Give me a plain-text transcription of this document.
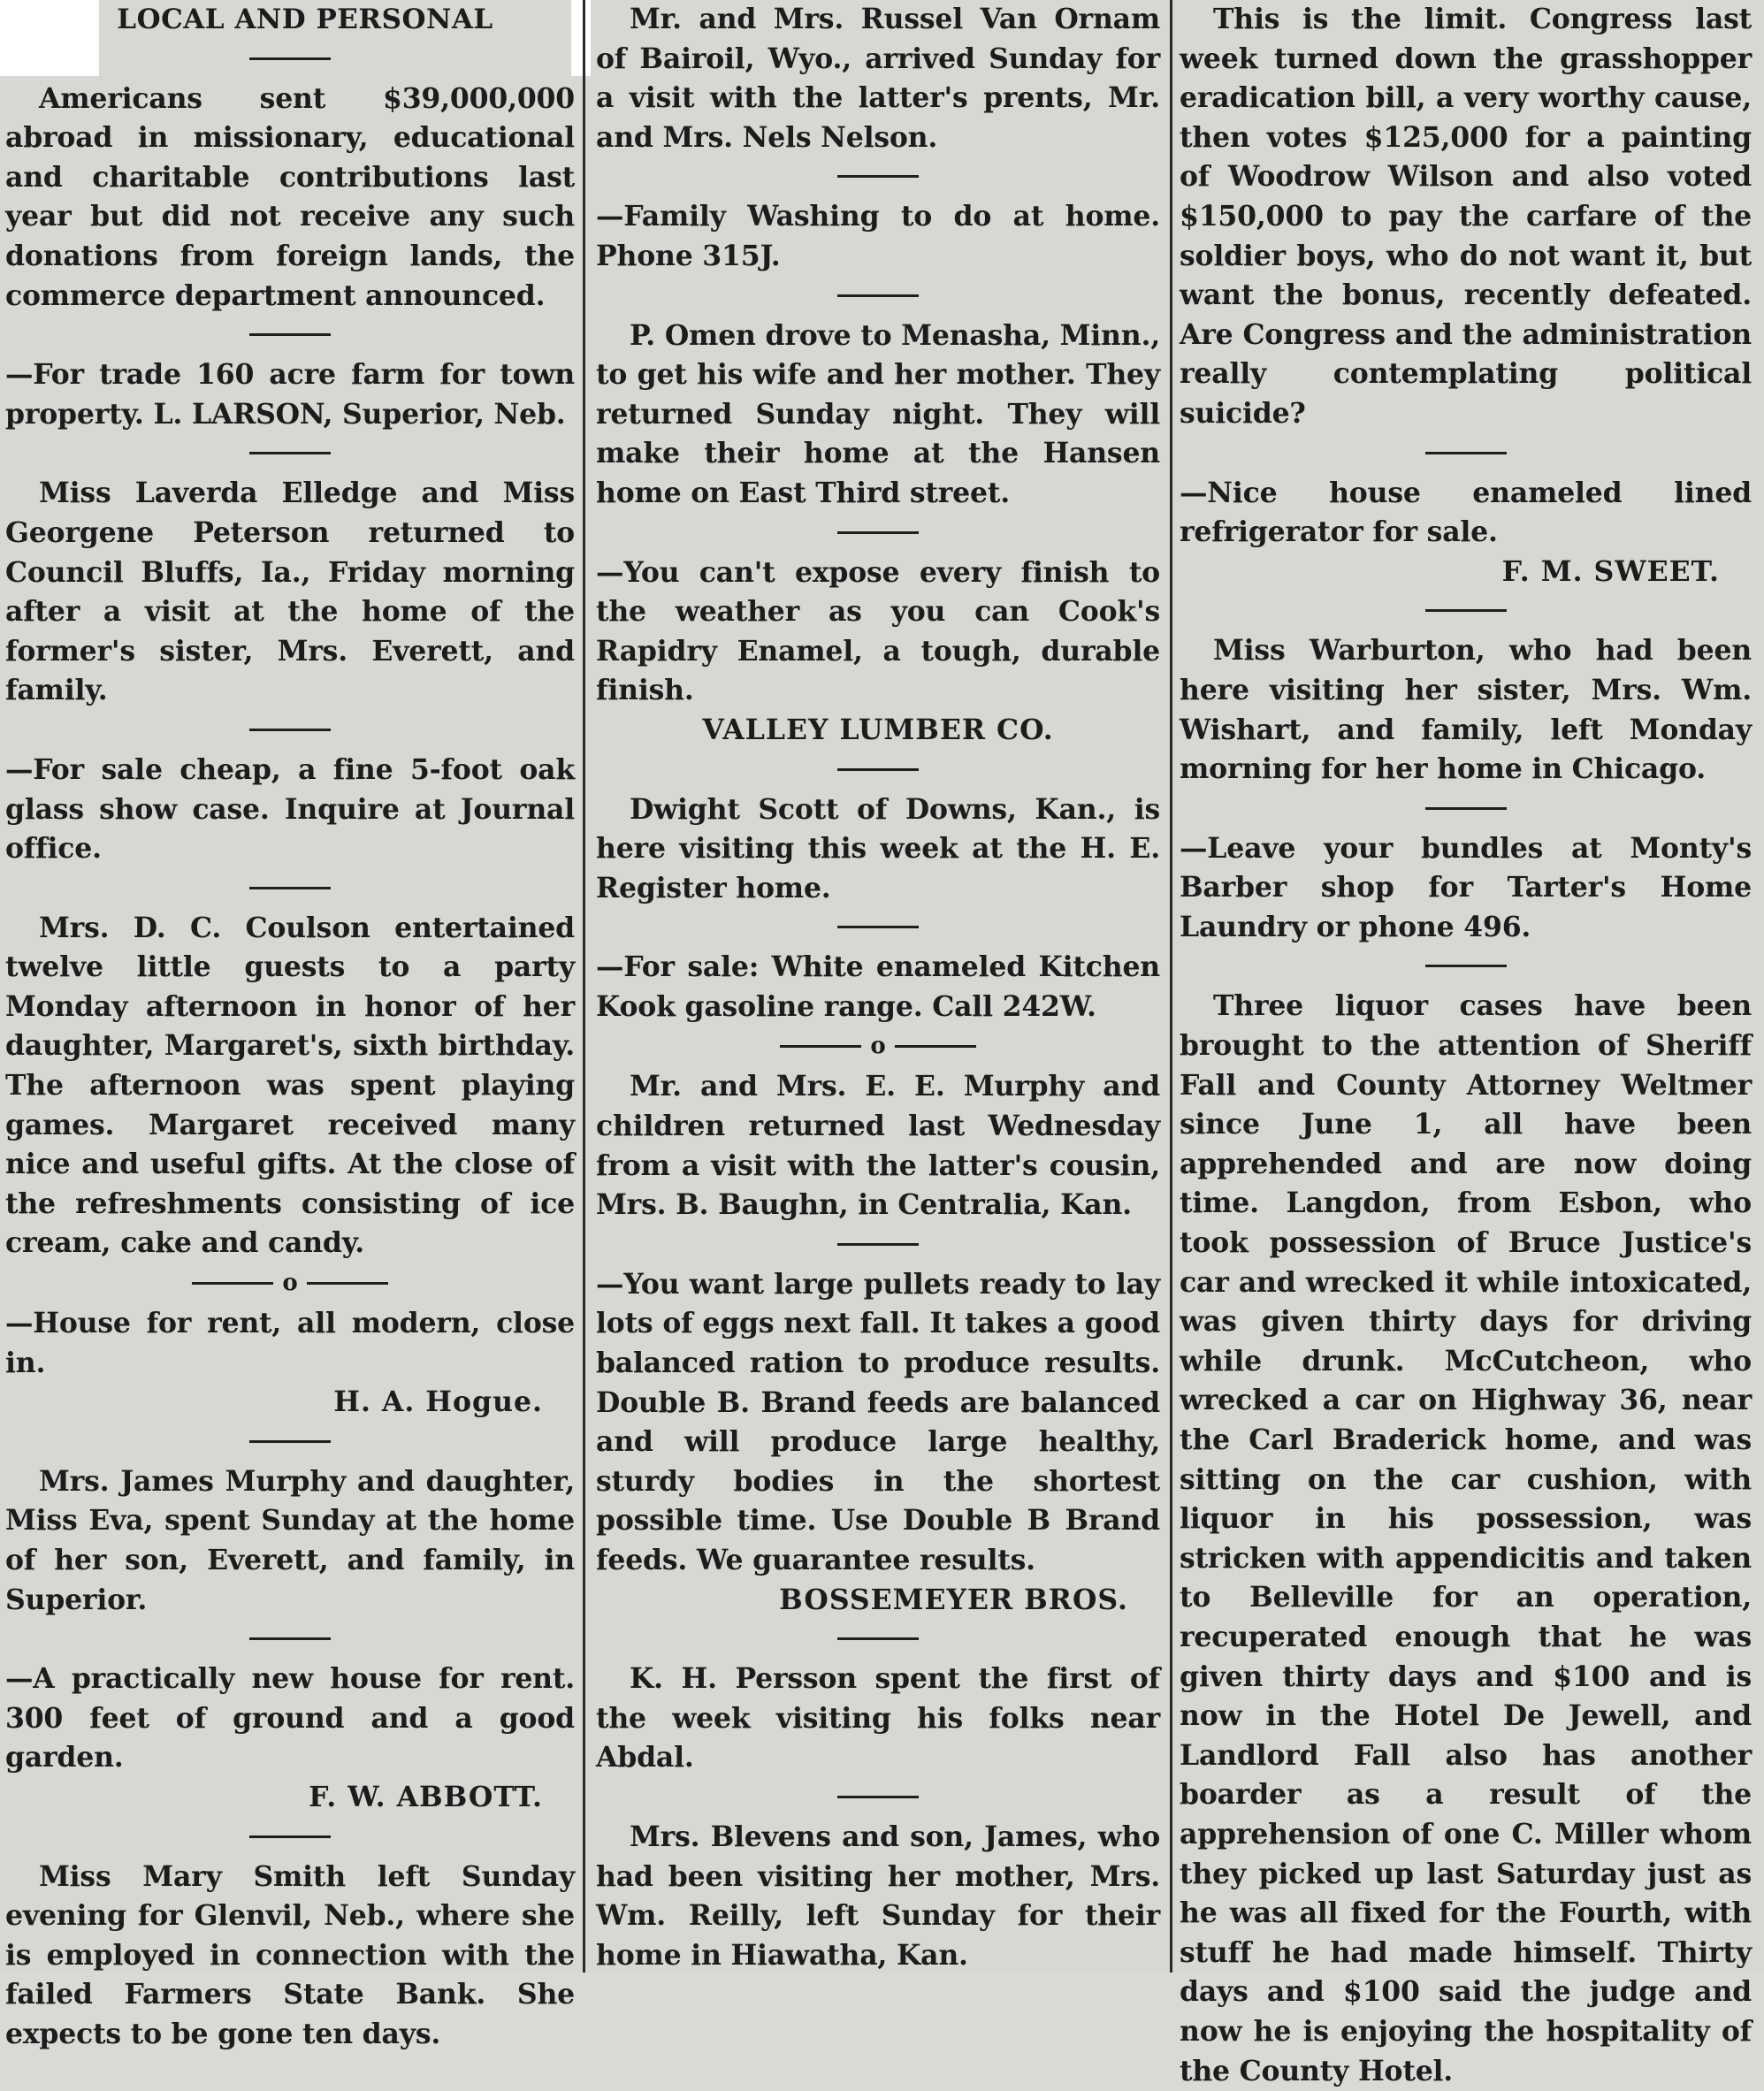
LOCAL AND PERSONAL

Americans sent $39,000,000 abroad in missionary, educational and charitable contributions last year but did not receive any such donations from foreign lands, the commerce department announced.

—For trade 160 acre farm for town property. L. LARSON, Superior, Neb.

Miss Laverda Elledge and Miss Georgene Peterson returned to Council Bluffs, Ia., Friday morning after a visit at the home of the former's sister, Mrs. Everett, and family.

—For sale cheap, a fine 5-foot oak glass show case. Inquire at Journal office.

Mrs. D. C. Coulson entertained twelve little guests to a party Monday afternoon in honor of her daughter, Margaret's, sixth birthday. The afternoon was spent playing games. Margaret received many nice and useful gifts. At the close of the refreshments consisting of ice cream, cake and candy.

o

—House for rent, all modern, close in.

H. A. Hogue.

Mrs. James Murphy and daughter, Miss Eva, spent Sunday at the home of her son, Everett, and family, in Superior.

—A practically new house for rent. 300 feet of ground and a good garden.

F. W. ABBOTT.

Miss Mary Smith left Sunday evening for Glenvil, Neb., where she is employed in connection with the failed Farmers State Bank. She expects to be gone ten days.

Mr. and Mrs. Russel Van Ornam of Bairoil, Wyo., arrived Sunday for a visit with the latter's prents, Mr. and Mrs. Nels Nelson.

—Family Washing to do at home. Phone 315J.

P. Omen drove to Menasha, Minn., to get his wife and her mother. They returned Sunday night. They will make their home at the Hansen home on East Third street.

—You can't expose every finish to the weather as you can Cook's Rapidry Enamel, a tough, durable finish.

VALLEY LUMBER CO.

Dwight Scott of Downs, Kan., is here visiting this week at the H. E. Register home.

—For sale: White enameled Kitchen Kook gasoline range. Call 242W.

o

Mr. and Mrs. E. E. Murphy and children returned last Wednesday from a visit with the latter's cousin, Mrs. B. Baughn, in Centralia, Kan.

—You want large pullets ready to lay lots of eggs next fall. It takes a good balanced ration to produce results. Double B. Brand feeds are balanced and will produce large healthy, sturdy bodies in the shortest possible time. Use Double B Brand feeds. We guarantee results.

BOSSEMEYER BROS.

K. H. Persson spent the first of the week visiting his folks near Abdal.

Mrs. Blevens and son, James, who had been visiting her mother, Mrs. Wm. Reilly, left Sunday for their home in Hiawatha, Kan.

This is the limit. Congress last week turned down the grasshopper eradication bill, a very worthy cause, then votes $125,000 for a painting of Woodrow Wilson and also voted $150,000 to pay the carfare of the soldier boys, who do not want it, but want the bonus, recently defeated. Are Congress and the administration really contemplating political suicide?

—Nice house enameled lined refrigerator for sale.

F. M. SWEET.

Miss Warburton, who had been here visiting her sister, Mrs. Wm. Wishart, and family, left Monday morning for her home in Chicago.

—Leave your bundles at Monty's Barber shop for Tarter's Home Laundry or phone 496.

Three liquor cases have been brought to the attention of Sheriff Fall and County Attorney Weltmer since June 1, all have been apprehended and are now doing time. Langdon, from Esbon, who took possession of Bruce Justice's car and wrecked it while intoxicated, was given thirty days for driving while drunk. McCutcheon, who wrecked a car on Highway 36, near the Carl Braderick home, and was sitting on the car cushion, with liquor in his possession, was stricken with appendicitis and taken to Belleville for an operation, recuperated enough that he was given thirty days and $100 and is now in the Hotel De Jewell, and Landlord Fall also has another boarder as a result of the apprehension of one C. Miller whom they picked up last Saturday just as he was all fixed for the Fourth, with stuff he had made himself. Thirty days and $100 said the judge and now he is enjoying the hospitality of the County Hotel.
